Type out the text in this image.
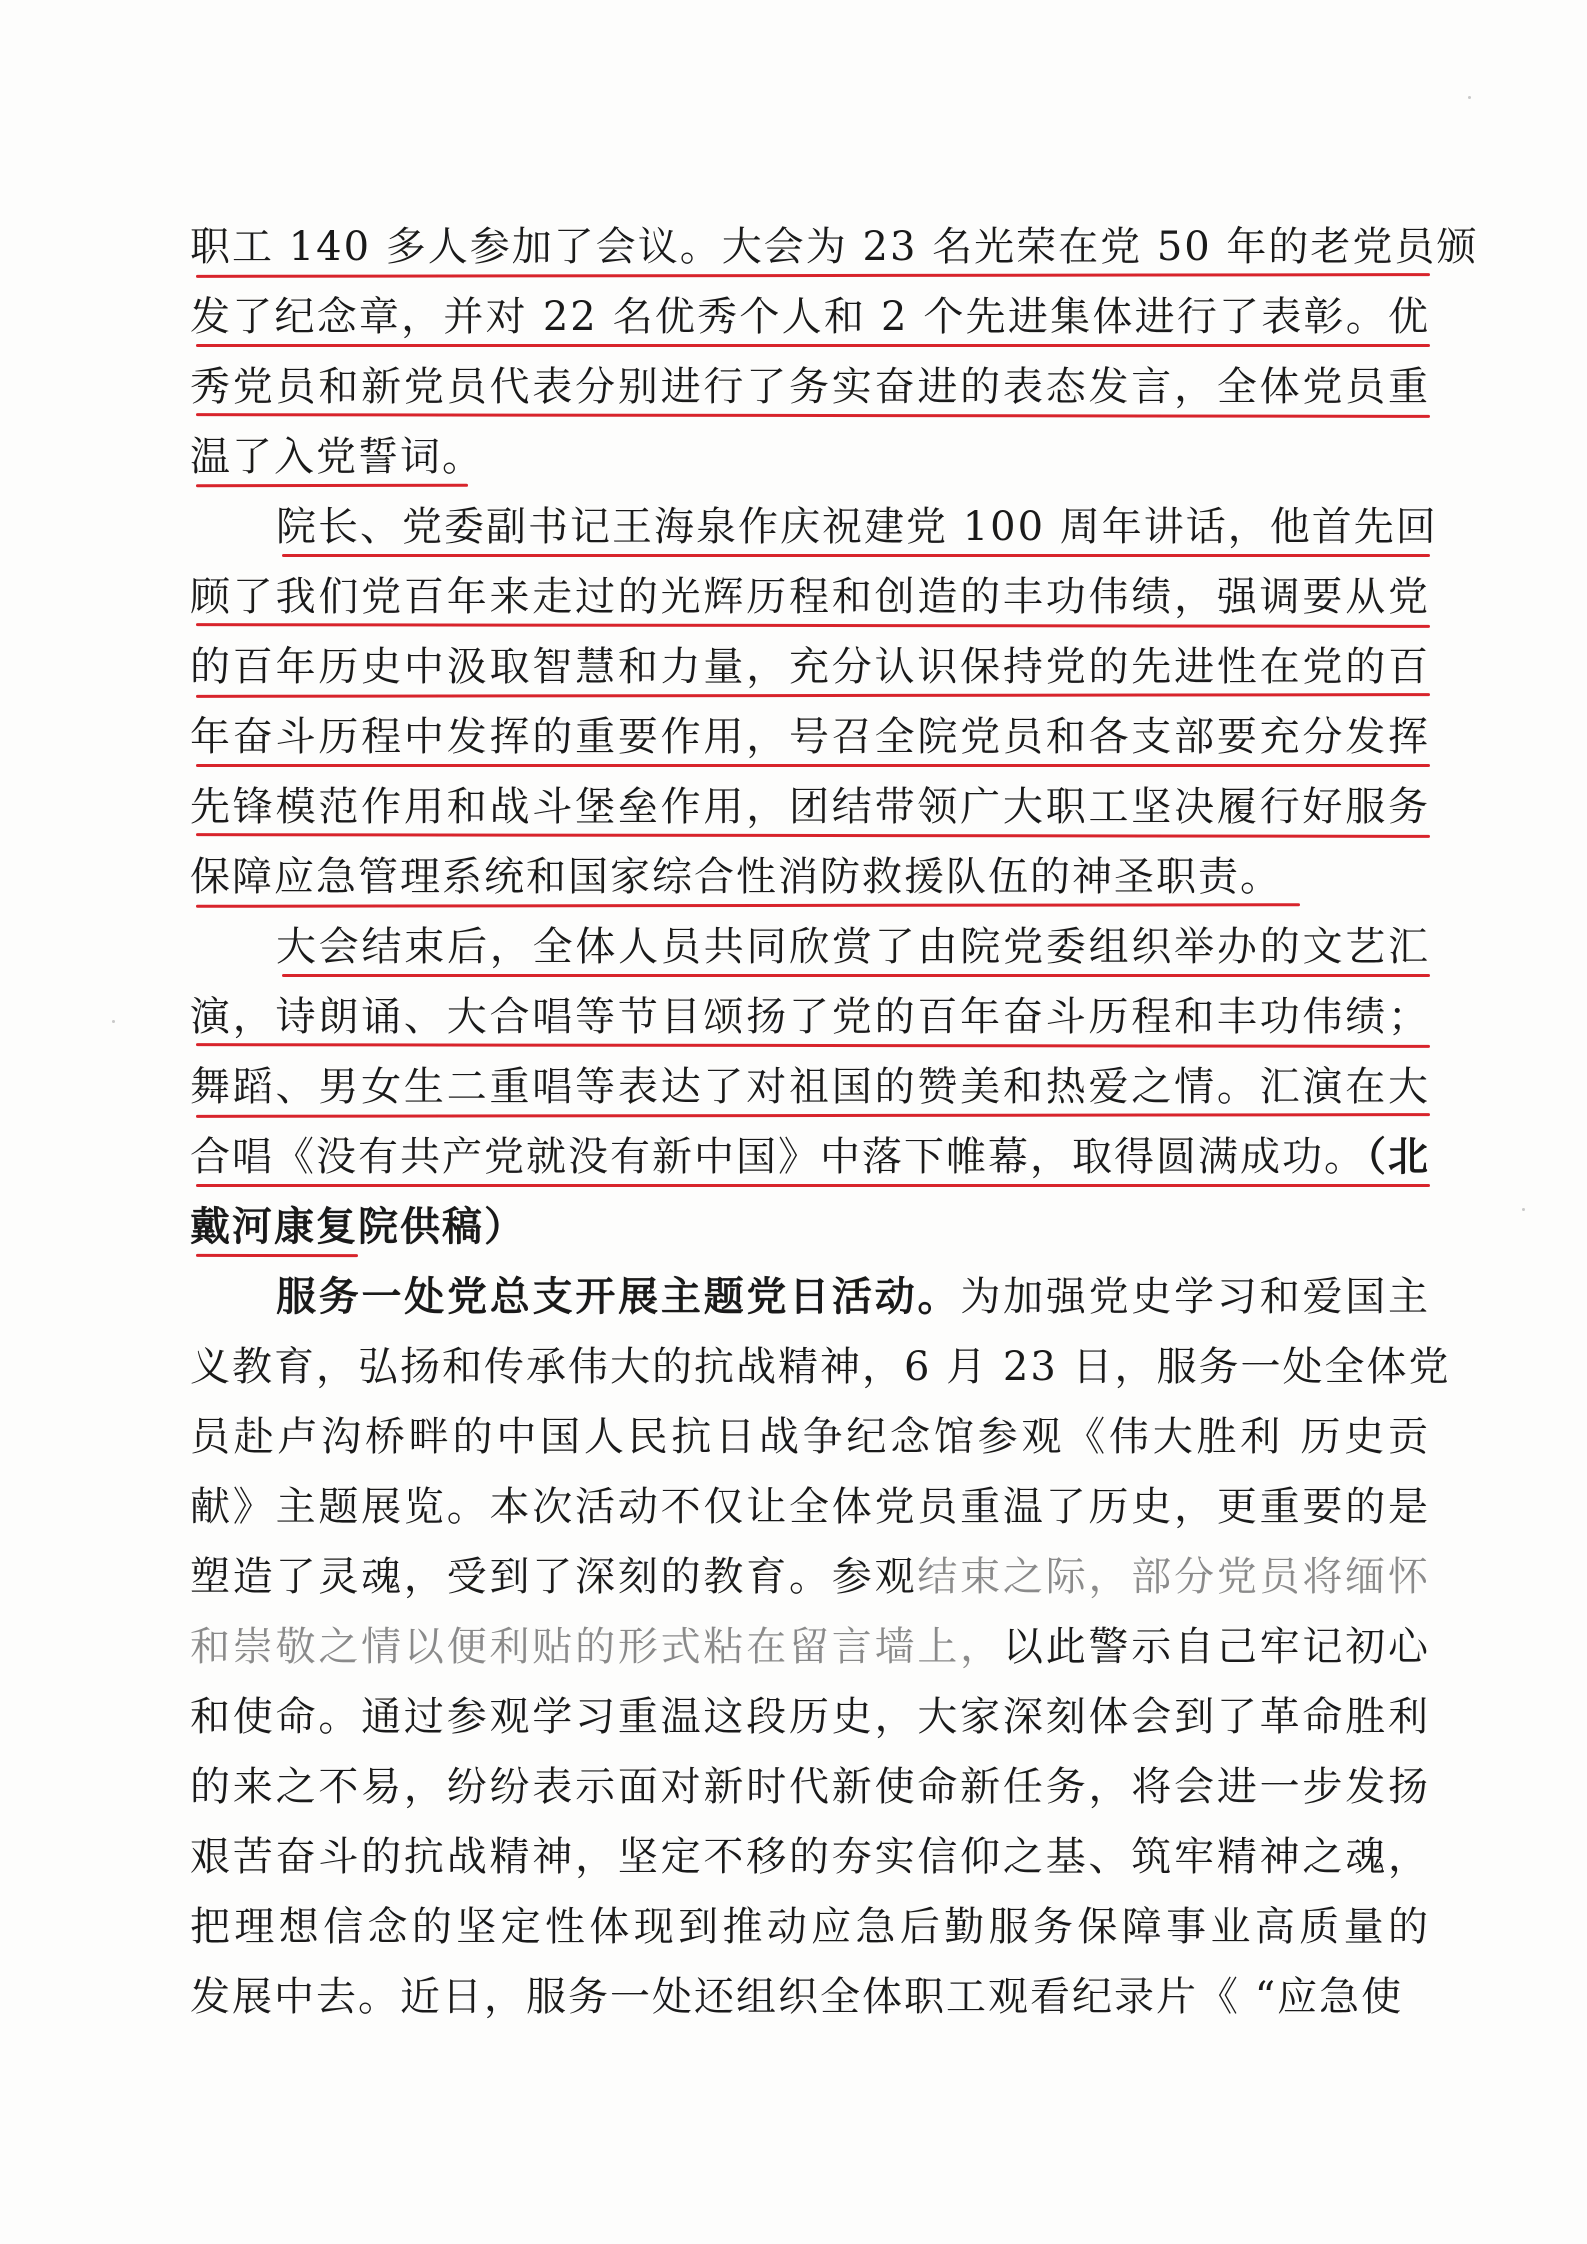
职工 140 多人参加了会议。大会为 23 名光荣在党 50 年的老党员颁
发了纪念章，并对 22 名优秀个人和 2 个先进集体进行了表彰。优
秀党员和新党员代表分别进行了务实奋进的表态发言，全体党员重
温了入党誓词。
院长、党委副书记王海泉作庆祝建党 100 周年讲话，他首先回
顾了我们党百年来走过的光辉历程和创造的丰功伟绩，强调要从党
的百年历史中汲取智慧和力量，充分认识保持党的先进性在党的百
年奋斗历程中发挥的重要作用，号召全院党员和各支部要充分发挥
先锋模范作用和战斗堡垒作用，团结带领广大职工坚决履行好服务
保障应急管理系统和国家综合性消防救援队伍的神圣职责。
大会结束后，全体人员共同欣赏了由院党委组织举办的文艺汇
演，诗朗诵、大合唱等节目颂扬了党的百年奋斗历程和丰功伟绩；
舞蹈、男女生二重唱等表达了对祖国的赞美和热爱之情。汇演在大
合唱《没有共产党就没有新中国》中落下帷幕，取得圆满成功。（北
戴河康复院供稿）
服务一处党总支开展主题党日活动。为加强党史学习和爱国主
义教育，弘扬和传承伟大的抗战精神，6 月 23 日，服务一处全体党
员赴卢沟桥畔的中国人民抗日战争纪念馆参观《伟大胜利 历史贡
献》主题展览。本次活动不仅让全体党员重温了历史，更重要的是
塑造了灵魂，受到了深刻的教育。参观结束之际，部分党员将缅怀
和崇敬之情以便利贴的形式粘在留言墙上，以此警示自己牢记初心
和使命。通过参观学习重温这段历史，大家深刻体会到了革命胜利
的来之不易，纷纷表示面对新时代新使命新任务，将会进一步发扬
艰苦奋斗的抗战精神，坚定不移的夯实信仰之基、筑牢精神之魂，
把理想信念的坚定性体现到推动应急后勤服务保障事业高质量的
发展中去。近日，服务一处还组织全体职工观看纪录片《 “应急使
